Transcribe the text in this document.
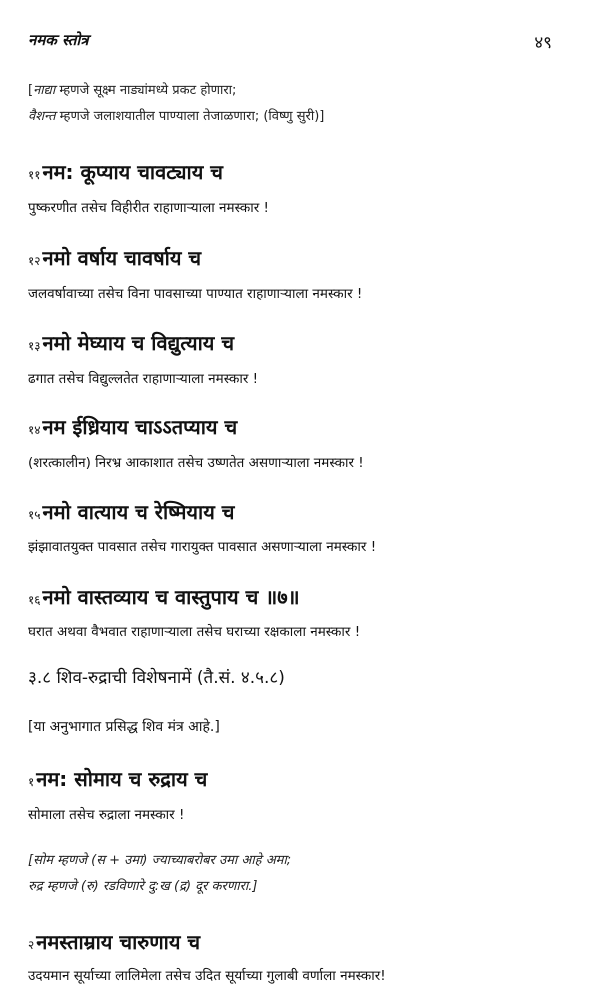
नमक स्तोत्र	४९
[नाद्या म्हणजे सूक्ष्म नाड्यांमध्ये प्रकट होणारा;
वैशन्त म्हणजे जलाशयातील पाण्याला तेजाळणारा; (विष्णु सुरी)]
११ नम: कूप्याय चावट्याय च
पुष्करणीत तसेच विहीरीत राहाणाऱ्याला नमस्कार !
१२ नमो वर्षाय चावर्षाय च
जलवर्षावाच्या तसेच विना पावसाच्या पाण्यात राहाणाऱ्याला नमस्कार !
१३ नमो मेघ्याय च विद्युत्याय च
ढगात तसेच विद्युल्लतेत राहाणाऱ्याला नमस्कार !
१४ नम ईध्रियाय चाऽऽतप्याय च
(शरत्कालीन) निरभ्र आकाशात तसेच उष्णतेत असणाऱ्याला नमस्कार !
१५ नमो वात्याय च रेष्मियाय च
झंझावातयुक्त पावसात तसेच गारायुक्त पावसात असणाऱ्याला नमस्कार !
१६ नमो वास्तव्याय च वास्तुपाय च ॥७॥
घरात अथवा वैभवात राहाणाऱ्याला तसेच घराच्या रक्षकाला नमस्कार !
३.८ शिव-रुद्राची विशेषनामें (तै.सं. ४.५.८)
[या अनुभागात प्रसिद्ध शिव मंत्र आहे.]
१ नम: सोमाय च रुद्राय च
सोमाला तसेच रुद्राला नमस्कार !
[सोम म्हणजे (स + उमा) ज्याच्याबरोबर उमा आहे अमा;
रुद्र म्हणजे (रु) रडविणारे दु:ख (द्र) दूर करणारा.]
२ नमस्ताम्राय चारुणाय च
उदयमान सूर्याच्या लालिमेला तसेच उदित सूर्याच्या गुलाबी वर्णाला नमस्कार!
